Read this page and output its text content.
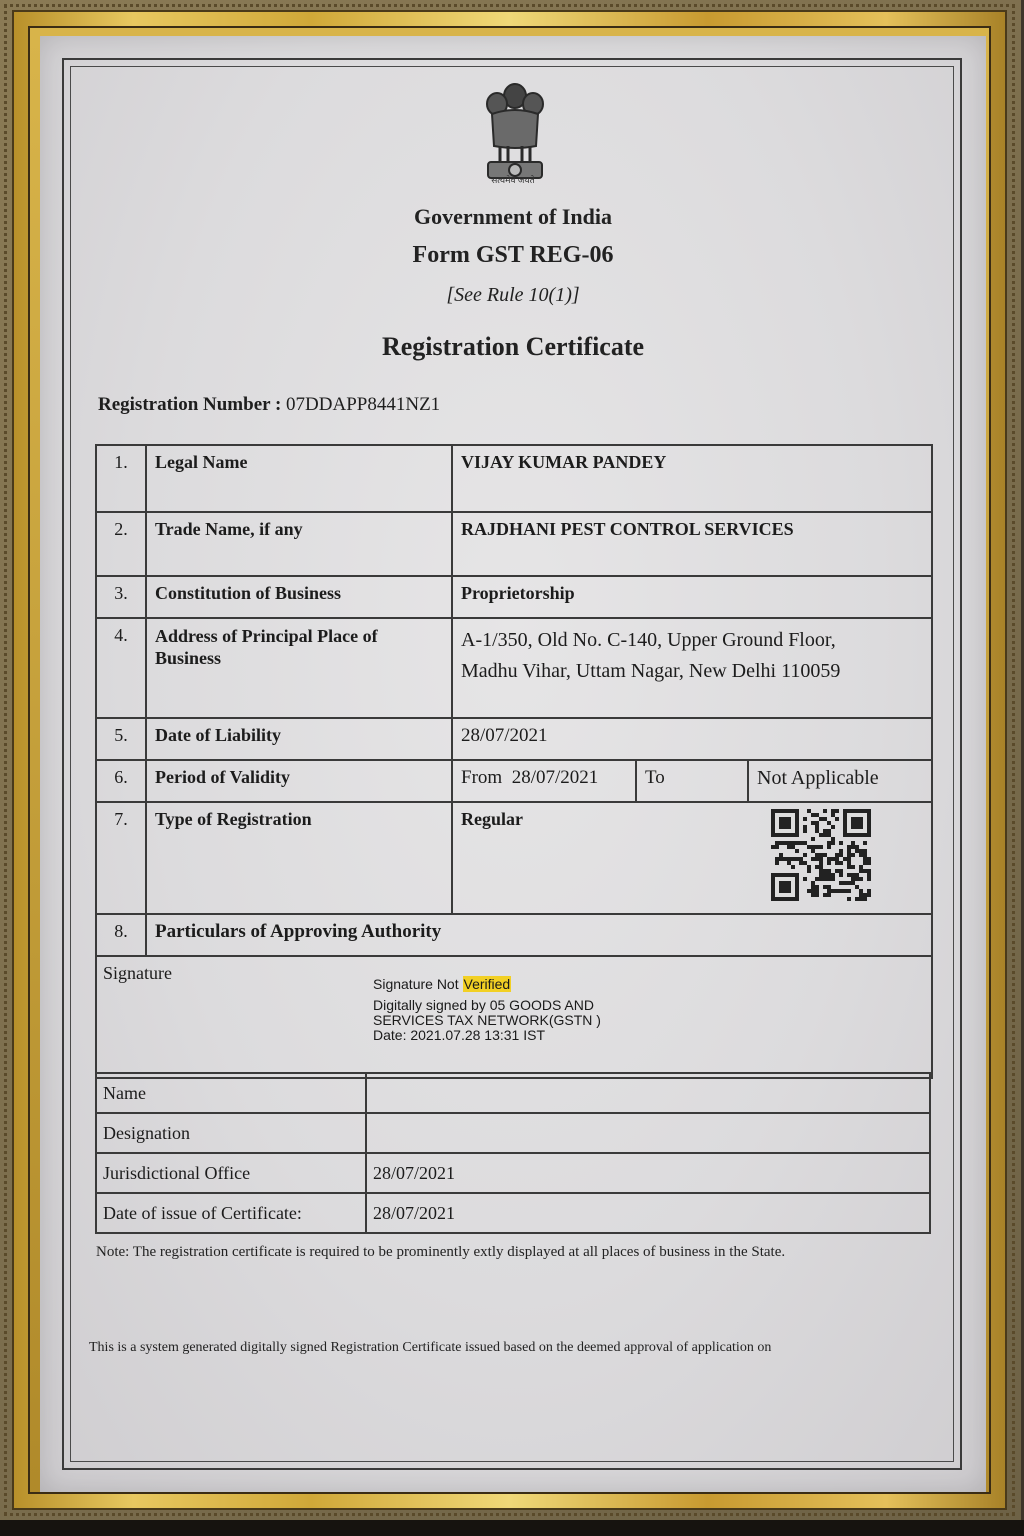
सत्यमेव जयते
Government of India
Form GST REG-06
[See Rule 10(1)]
Registration Certificate
Registration Number : 07DDAPP8441NZ1
1.	Legal Name	VIJAY KUMAR PANDEY		
2.	Trade Name, if any	RAJDHANI PEST CONTROL SERVICES		
3.	Constitution of Business	Proprietorship		
4.	Address of Principal Place of Business	A-1/350, Old No. C-140, Upper Ground Floor,
Madhu Vihar, Uttam Nagar, New Delhi 110059		

5.	Date of Liability	28/07/2021		
6.	Period of Validity	From 28/07/2021	To	Not Applicable
7.	Type of Registration	Regular		

8.	Particulars of Approving Authority			

Signature
Signature Not Verified
Digitally signed by 05 GOODS AND
SERVICES TAX NETWORK(GSTN )
Date: 2021.07.28 13:31 IST				
Name	
Designation	
Jurisdictional Office	28/07/2021
Date of issue of Certificate:	28/07/2021
Note: The registration certificate is required to be prominently extly displayed at all places of business in the State.
This is a system generated digitally signed Registration Certificate issued based on the deemed approval of application on
